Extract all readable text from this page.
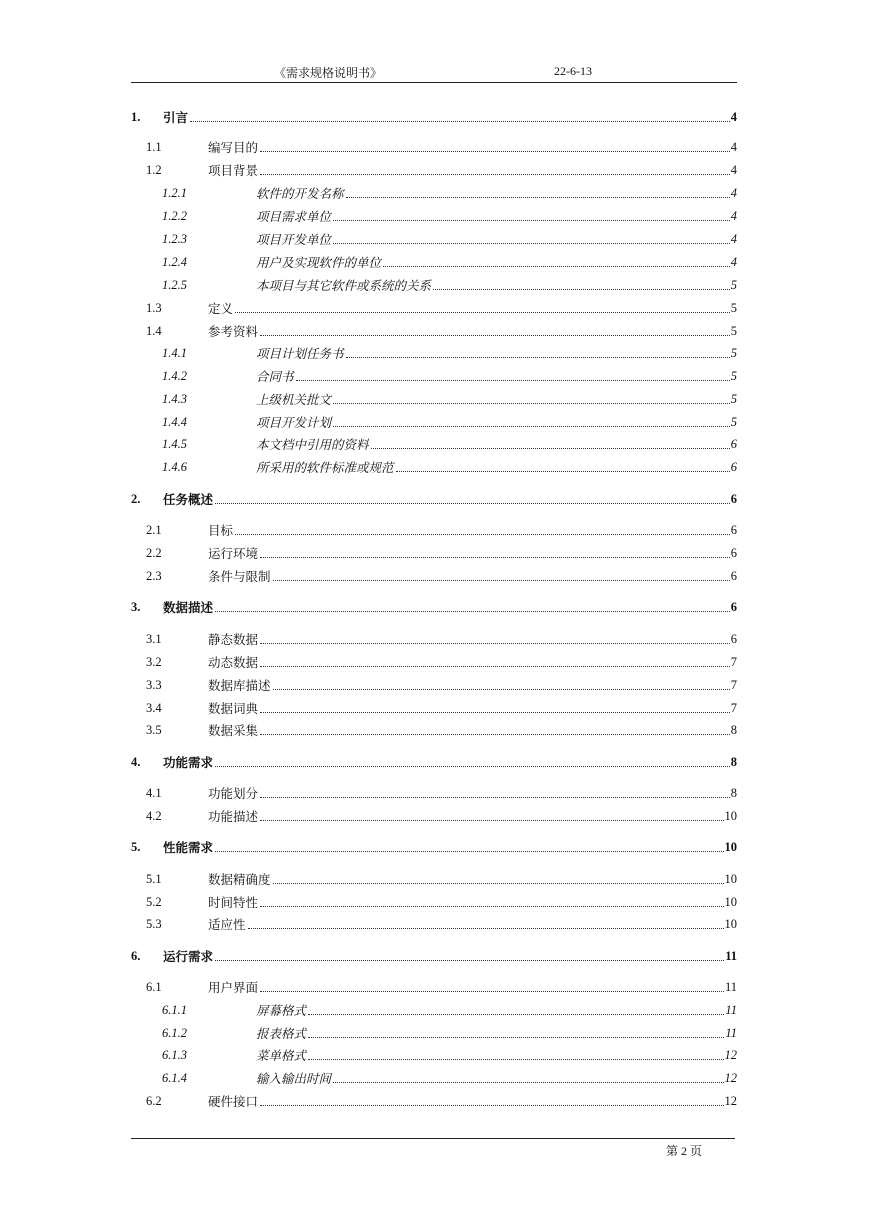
《需求规格说明书》	22-6-13
1. 引言	4
1.1	编写目的	4
1.2	项目背景	4
1.2.1	软件的开发名称	4
1.2.2	项目需求单位	4
1.2.3	项目开发单位	4
1.2.4	用户及实现软件的单位	4
1.2.5	本项目与其它软件或系统的关系	5
1.3	定义	5
1.4	参考资料	5
1.4.1	项目计划任务书	5
1.4.2	合同书	5
1.4.3	上级机关批文	5
1.4.4	项目开发计划	5
1.4.5	本文档中引用的资料	6
1.4.6	所采用的软件标准或规范	6
2. 任务概述	6
2.1	目标	6
2.2	运行环境	6
2.3	条件与限制	6
3. 数据描述	6
3.1	静态数据	6
3.2	动态数据	7
3.3	数据库描述	7
3.4	数据词典	7
3.5	数据采集	8
4. 功能需求	8
4.1	功能划分	8
4.2	功能描述	10
5. 性能需求	10
5.1	数据精确度	10
5.2	时间特性	10
5.3	适应性	10
6. 运行需求	11
6.1	用户界面	11
6.1.1	屏幕格式	11
6.1.2	报表格式	11
6.1.3	菜单格式	12
6.1.4	输入输出时间	12
6.2	硬件接口	12
第 2 页
